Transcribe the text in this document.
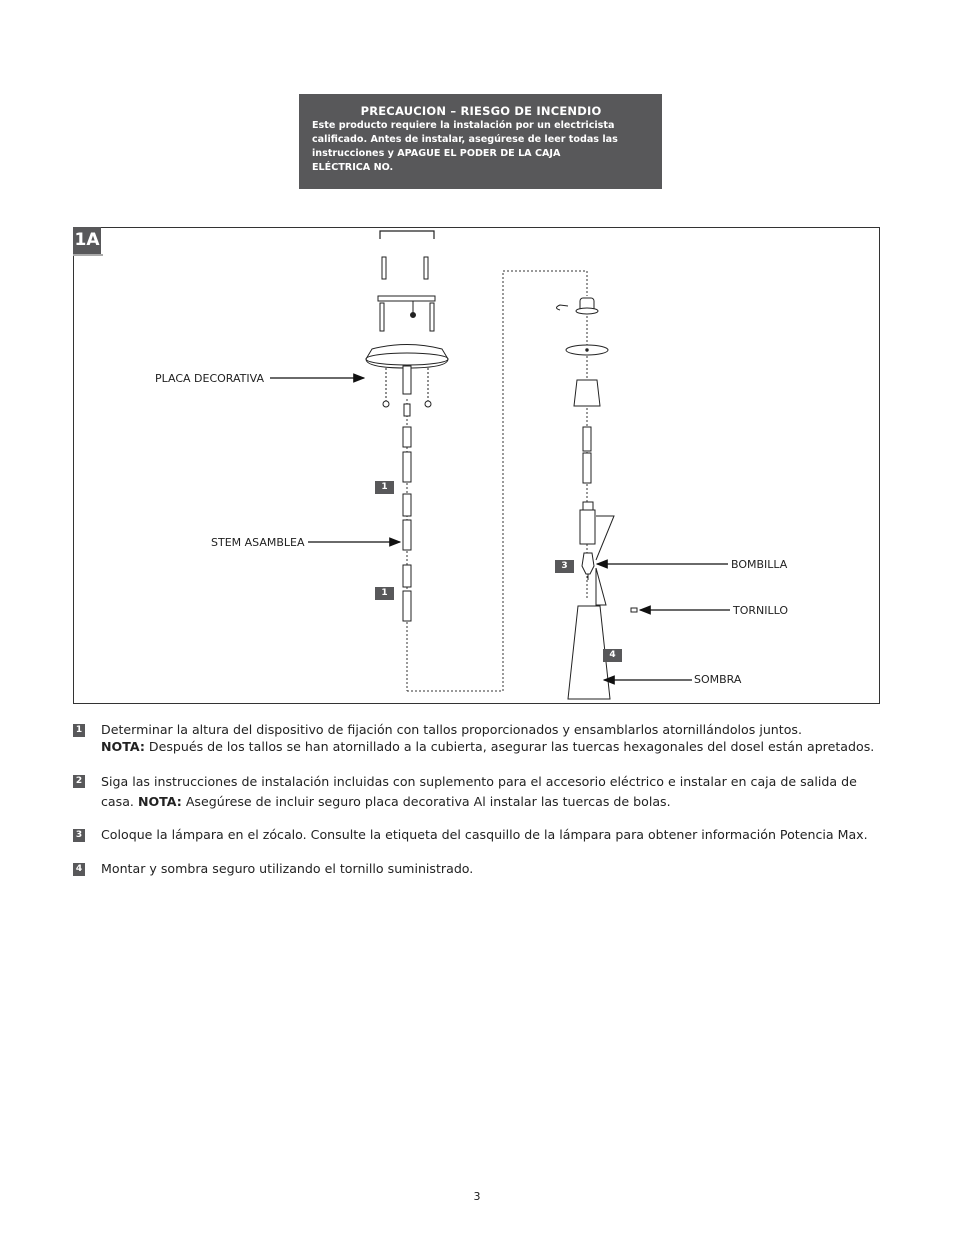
PRECAUCION – RIESGO DE INCENDIO
Este producto requiere la instalación por un electricista
calificado. Antes de instalar, asegúrese de leer todas las
instrucciones y APAGUE EL PODER DE LA CAJA
ELÉCTRICA NO.
1A
PLACA DECORATIVA
STEM ASAMBLEA
BOMBILLA
TORNILLO
SOMBRA
1
1
3
4
1 Determinar la altura del dispositivo de fijación con tallos proporcionados y ensamblarlos atornillándolos juntos.
NOTA: Después de los tallos se han atornillado a la cubierta, asegurar las tuercas hexagonales del dosel están apretados.
2 Siga las instrucciones de instalación incluidas con suplemento para el accesorio eléctrico e instalar en caja de salida de
casa. NOTA: Asegúrese de incluir seguro placa decorativa Al instalar las tuercas de bolas.
3 Coloque la lámpara en el zócalo. Consulte la etiqueta del casquillo de la lámpara para obtener información Potencia Max.
4 Montar y sombra seguro utilizando el tornillo suministrado.
3
